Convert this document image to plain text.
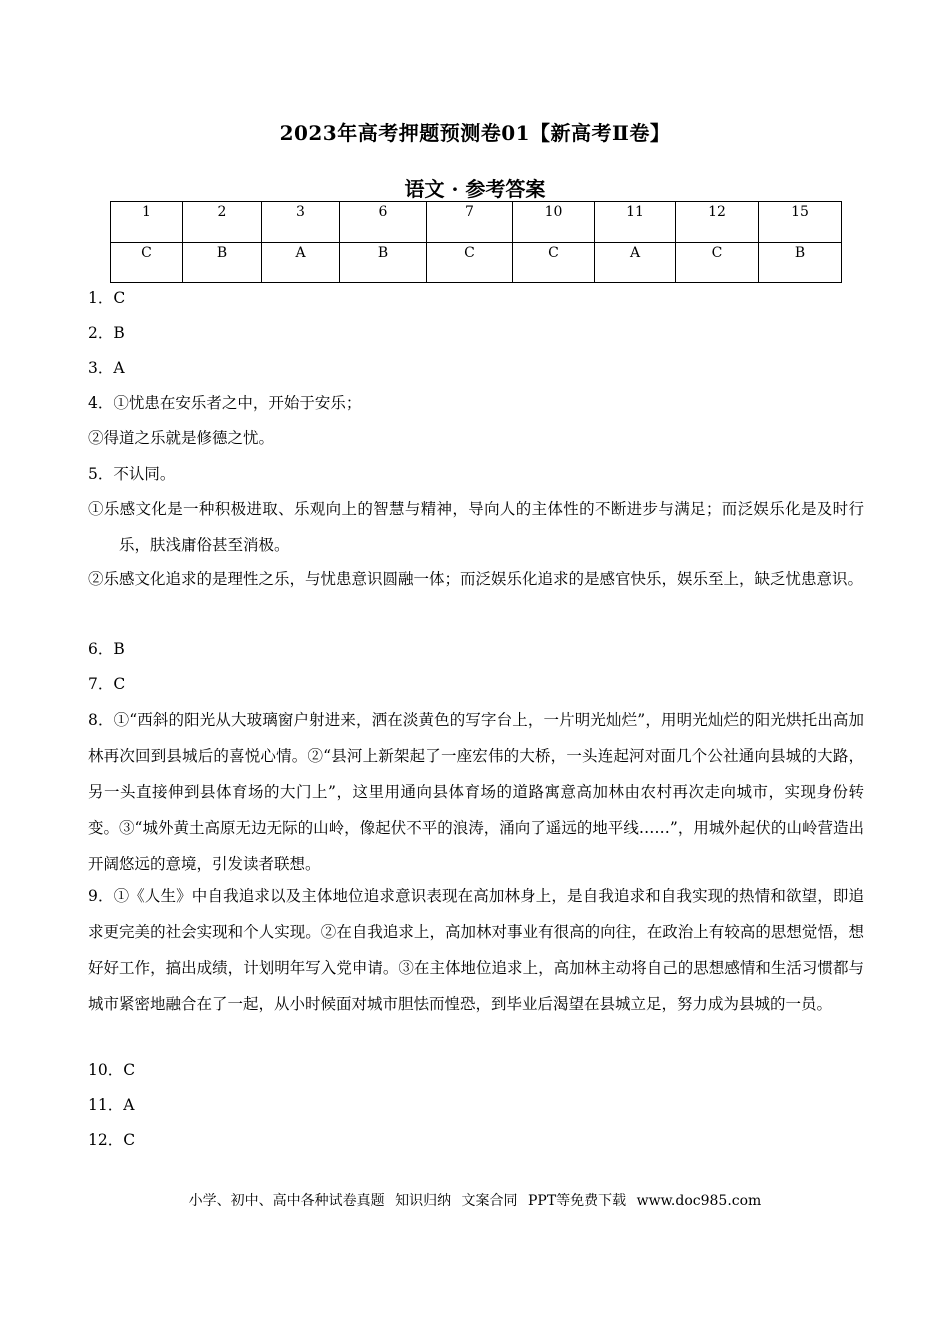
2023年高考押题预测卷01【新高考Ⅱ卷】
语文 · 参考答案
1	2	3	6	7	10	11	12	15
C	B	A	B	C	C	A	C	B
1．C
2．B
3．A
4．①忧患在安乐者之中，开始于安乐；
②得道之乐就是修德之忧。
5．不认同。
①乐感文化是一种积极进取、乐观向上的智慧与精神，导向人的主体性的不断进步与满足；而泛娱乐化是及时行乐，肤浅庸俗甚至消极。
②乐感文化追求的是理性之乐，与忧患意识圆融一体；而泛娱乐化追求的是感官快乐，娱乐至上，缺乏忧患意识。
6．B
7．C
8．①“西斜的阳光从大玻璃窗户射进来，洒在淡黄色的写字台上，一片明光灿烂”，用明光灿烂的阳光烘托出高加林再次回到县城后的喜悦心情。②“县河上新架起了一座宏伟的大桥，一头连起河对面几个公社通向县城的大路，另一头直接伸到县体育场的大门上”，这里用通向县体育场的道路寓意高加林由农村再次走向城市，实现身份转变。③“城外黄土高原无边无际的山岭，像起伏不平的浪涛，涌向了遥远的地平线……”，用城外起伏的山岭营造出开阔悠远的意境，引发读者联想。
9．①《人生》中自我追求以及主体地位追求意识表现在高加林身上，是自我追求和自我实现的热情和欲望，即追求更完美的社会实现和个人实现。②在自我追求上，高加林对事业有很高的向往，在政治上有较高的思想觉悟，想好好工作，搞出成绩，计划明年写入党申请。③在主体地位追求上，高加林主动将自己的思想感情和生活习惯都与城市紧密地融合在了一起，从小时候面对城市胆怯而惶恐，到毕业后渴望在县城立足，努力成为县城的一员。
10．C
11．A
12．C
小学、初中、高中各种试卷真题 知识归纳 文案合同 PPT等免费下载 www.doc985.com
